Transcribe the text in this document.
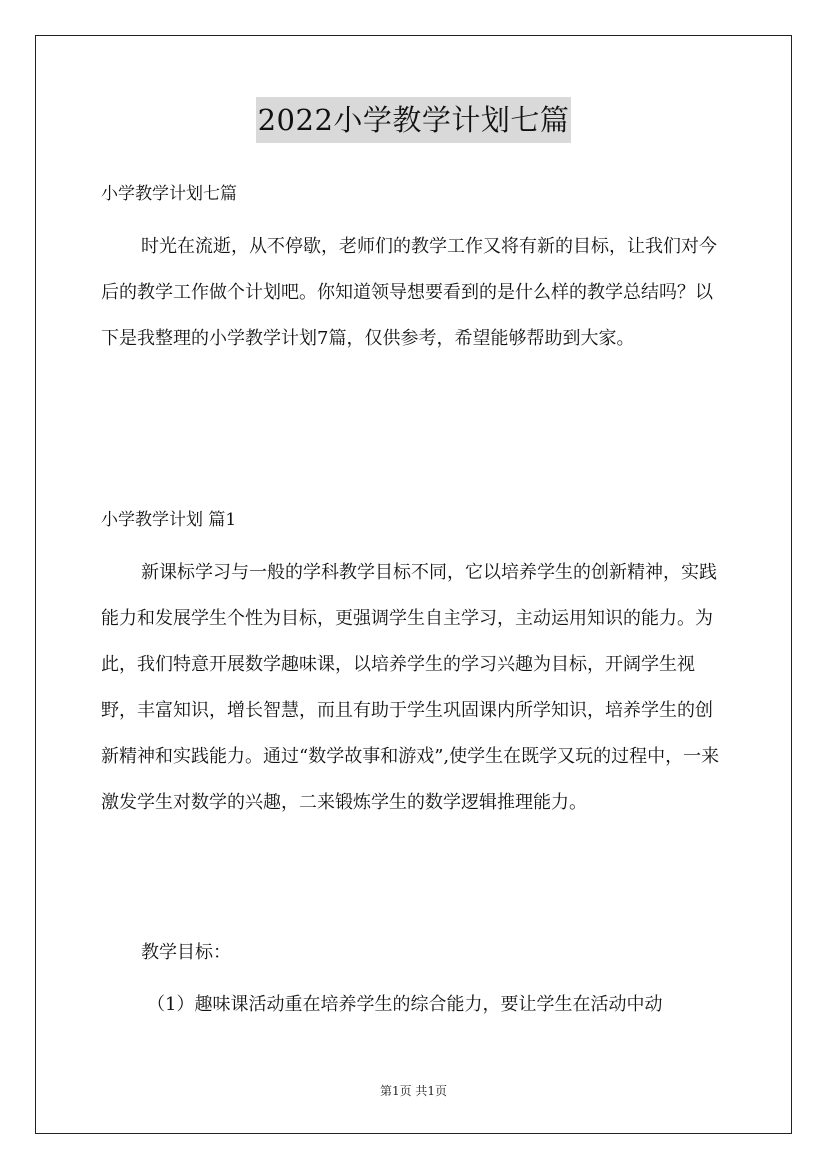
2022小学教学计划七篇
小学教学计划七篇

时光在流逝，从不停歇，老师们的教学工作又将有新的目标，让我们对今后的教学工作做个计划吧。你知道领导想要看到的是什么样的教学总结吗？以下是我整理的小学教学计划7篇，仅供参考，希望能够帮助到大家。

小学教学计划 篇1

新课标学习与一般的学科教学目标不同，它以培养学生的创新精神，实践能力和发展学生个性为目标，更强调学生自主学习，主动运用知识的能力。为此，我们特意开展数学趣味课，以培养学生的学习兴趣为目标，开阔学生视野，丰富知识，增长智慧，而且有助于学生巩固课内所学知识，培养学生的创新精神和实践能力。通过“数学故事和游戏”,使学生在既学又玩的过程中，一来激发学生对数学的兴趣，二来锻炼学生的数学逻辑推理能力。

教学目标：

（1）趣味课活动重在培养学生的综合能力，要让学生在活动中动

第1页 共1页
